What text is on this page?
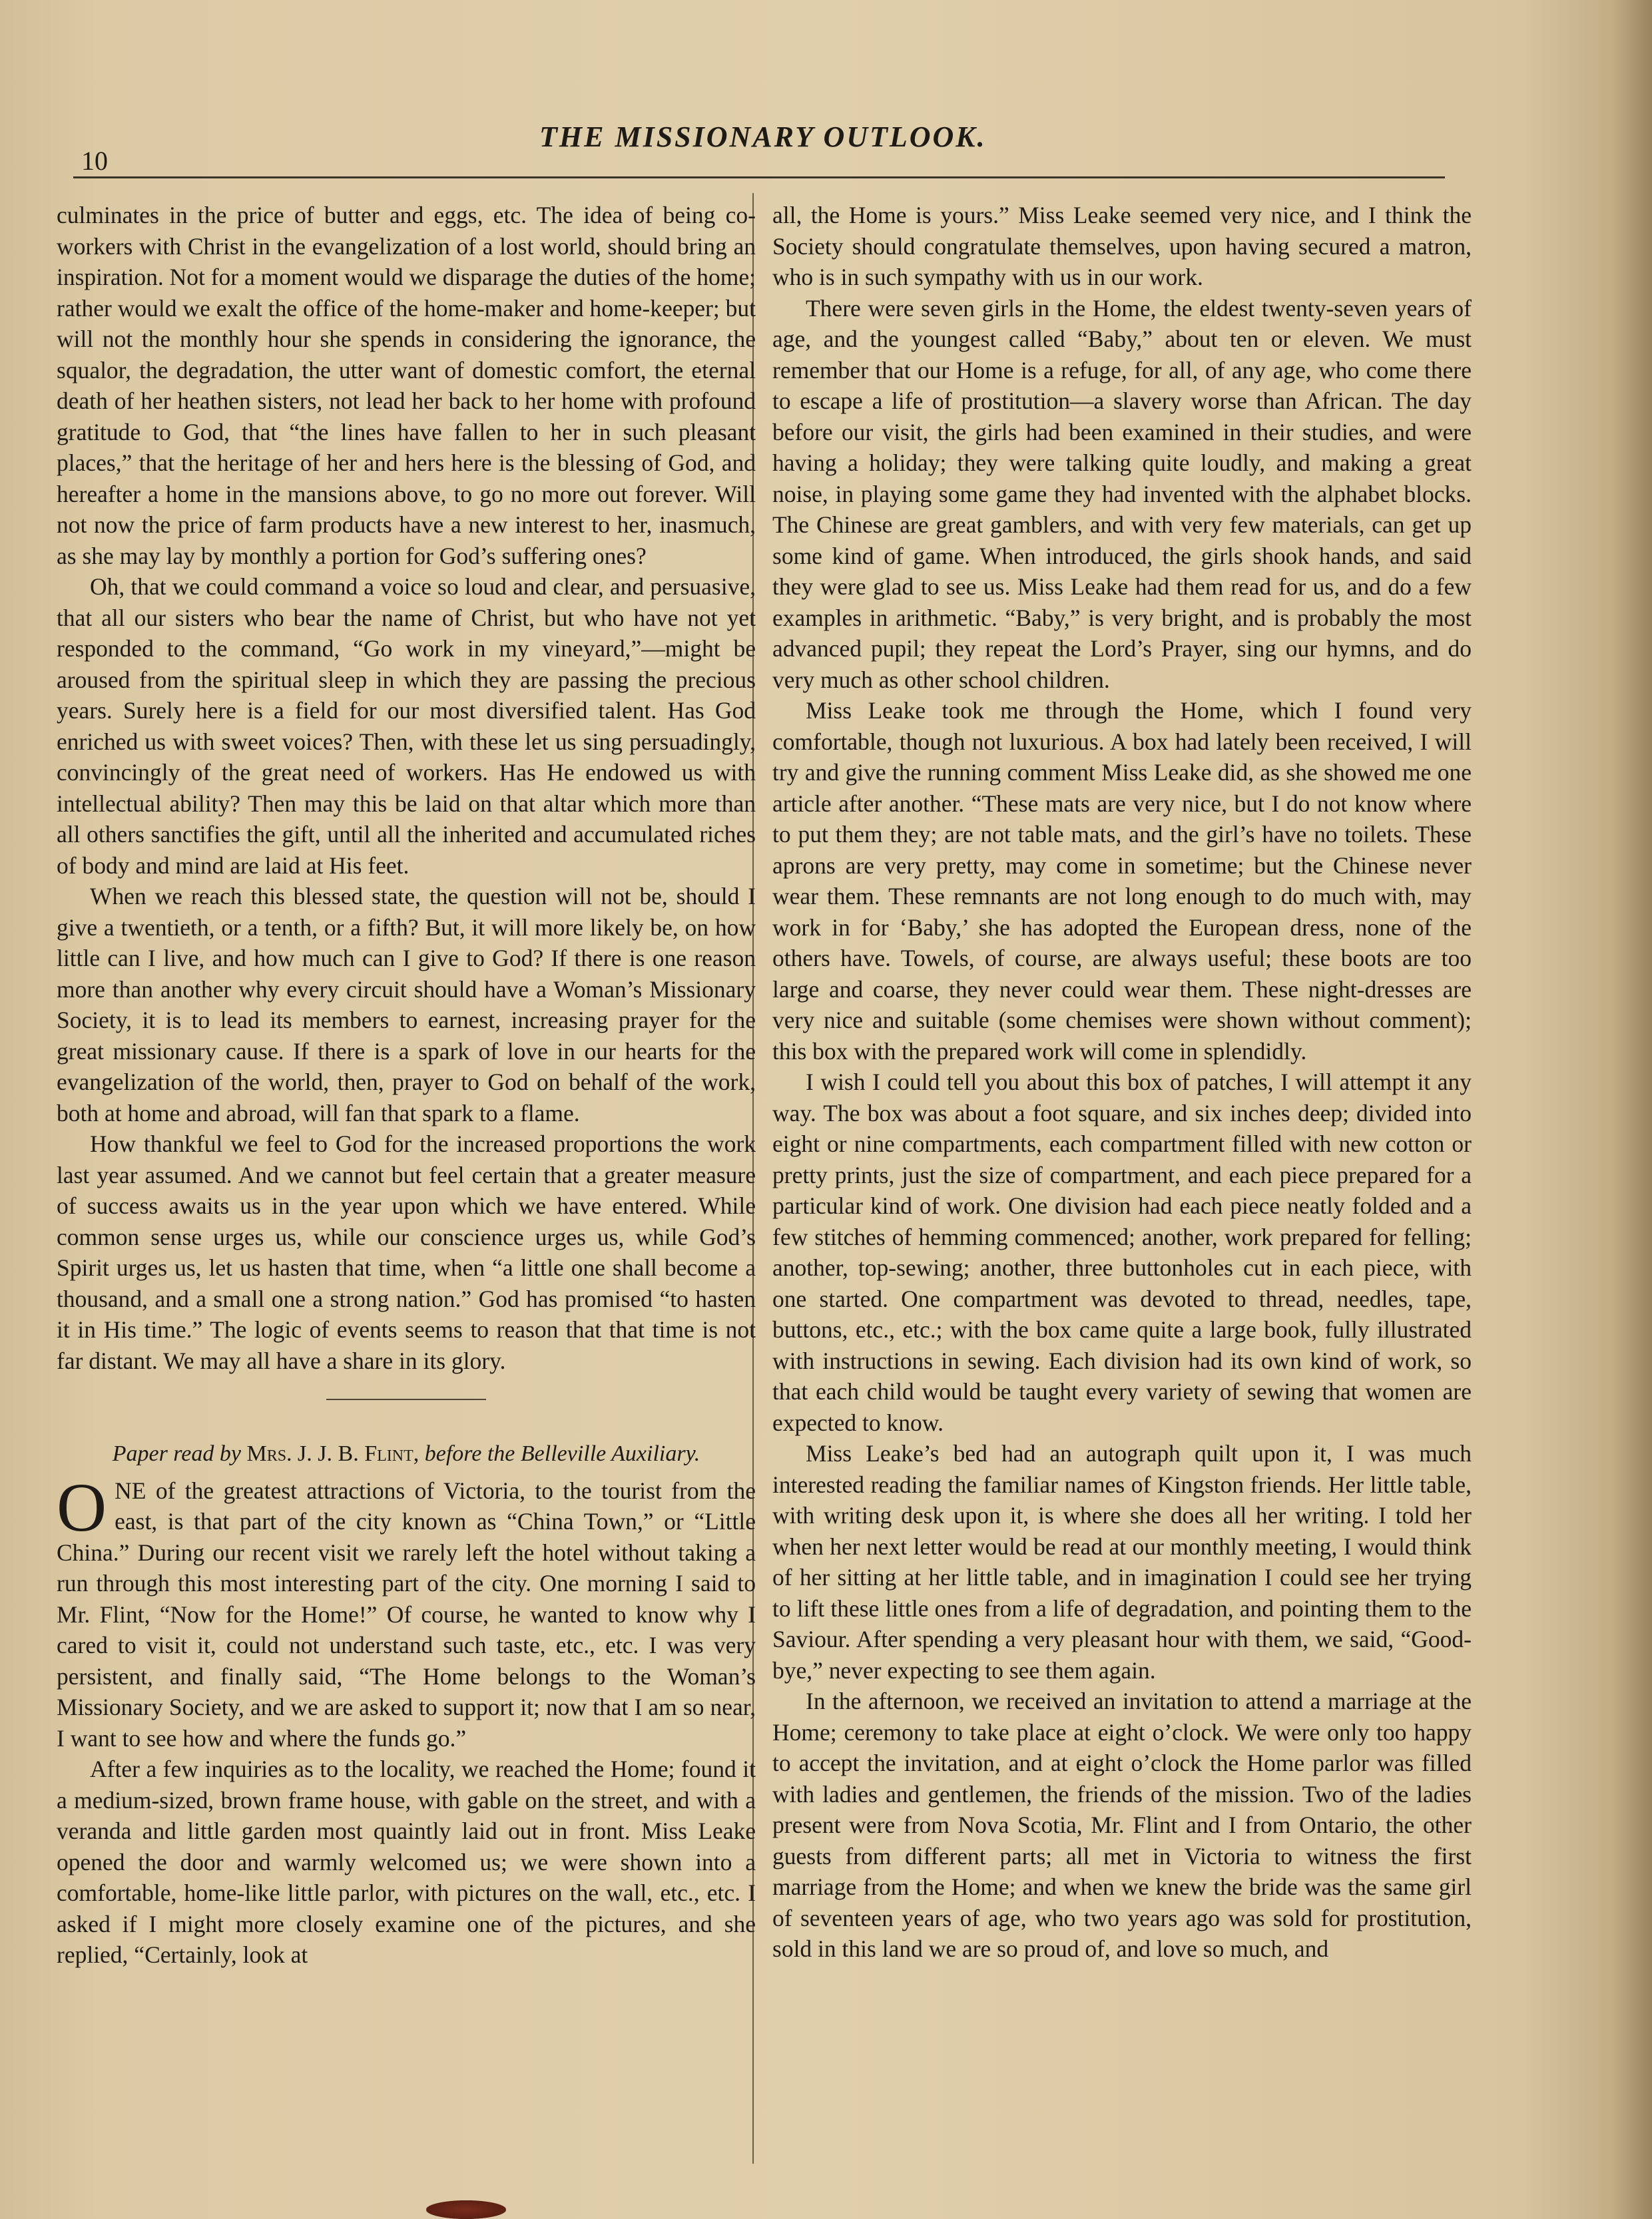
10
THE MISSIONARY OUTLOOK.

culminates in the price of butter and eggs, etc. The idea of being co-workers with Christ in the evangelization of a lost world, should bring an inspiration. Not for a moment would we disparage the duties of the home; rather would we exalt the office of the home-maker and home-keeper; but will not the monthly hour she spends in considering the ignorance, the squalor, the degradation, the utter want of domestic comfort, the eternal death of her heathen sisters, not lead her back to her home with profound gratitude to God, that “the lines have fallen to her in such pleasant places,” that the heritage of her and hers here is the blessing of God, and hereafter a home in the mansions above, to go no more out forever. Will not now the price of farm products have a new interest to her, inasmuch, as she may lay by monthly a portion for God’s suffering ones?

Oh, that we could command a voice so loud and clear, and persuasive, that all our sisters who bear the name of Christ, but who have not yet responded to the command, “Go work in my vineyard,”—might be aroused from the spiritual sleep in which they are passing the precious years. Surely here is a field for our most diversified talent. Has God enriched us with sweet voices? Then, with these let us sing persuadingly, convincingly of the great need of workers. Has He endowed us with intellectual ability? Then may this be laid on that altar which more than all others sanctifies the gift, until all the inherited and accumulated riches of body and mind are laid at His feet.

When we reach this blessed state, the question will not be, should I give a twentieth, or a tenth, or a fifth? But, it will more likely be, on how little can I live, and how much can I give to God? If there is one reason more than another why every circuit should have a Woman’s Missionary Society, it is to lead its members to earnest, increasing prayer for the great missionary cause. If there is a spark of love in our hearts for the evangelization of the world, then, prayer to God on behalf of the work, both at home and abroad, will fan that spark to a flame.

How thankful we feel to God for the increased proportions the work last year assumed. And we cannot but feel certain that a greater measure of success awaits us in the year upon which we have entered. While common sense urges us, while our conscience urges us, while God’s Spirit urges us, let us hasten that time, when “a little one shall become a thousand, and a small one a strong nation.” God has promised “to hasten it in His time.” The logic of events seems to reason that that time is not far distant. We may all have a share in its glory.

Paper read by Mrs. J. J. B. Flint, before the Belleville Auxiliary.

ONE of the greatest attractions of Victoria, to the tourist from the east, is that part of the city known as “China Town,” or “Little China.” During our recent visit we rarely left the hotel without taking a run through this most interesting part of the city. One morning I said to Mr. Flint, “Now for the Home!” Of course, he wanted to know why I cared to visit it, could not understand such taste, etc., etc. I was very persistent, and finally said, “The Home belongs to the Woman’s Missionary Society, and we are asked to support it; now that I am so near, I want to see how and where the funds go.”

After a few inquiries as to the locality, we reached the Home; found it a medium-sized, brown frame house, with gable on the street, and with a veranda and little garden most quaintly laid out in front. Miss Leake opened the door and warmly welcomed us; we were shown into a comfortable, home-like little parlor, with pictures on the wall, etc., etc. I asked if I might more closely examine one of the pictures, and she replied, “Certainly, look at

all, the Home is yours.” Miss Leake seemed very nice, and I think the Society should congratulate themselves, upon having secured a matron, who is in such sympathy with us in our work.

There were seven girls in the Home, the eldest twenty-seven years of age, and the youngest called “Baby,” about ten or eleven. We must remember that our Home is a refuge, for all, of any age, who come there to escape a life of prostitution—a slavery worse than African. The day before our visit, the girls had been examined in their studies, and were having a holiday; they were talking quite loudly, and making a great noise, in playing some game they had invented with the alphabet blocks. The Chinese are great gamblers, and with very few materials, can get up some kind of game. When introduced, the girls shook hands, and said they were glad to see us. Miss Leake had them read for us, and do a few examples in arithmetic. “Baby,” is very bright, and is probably the most advanced pupil; they repeat the Lord’s Prayer, sing our hymns, and do very much as other school children.

Miss Leake took me through the Home, which I found very comfortable, though not luxurious. A box had lately been received, I will try and give the running comment Miss Leake did, as she showed me one article after another. “These mats are very nice, but I do not know where to put them they; are not table mats, and the girl’s have no toilets. These aprons are very pretty, may come in sometime; but the Chinese never wear them. These remnants are not long enough to do much with, may work in for ‘Baby,’ she has adopted the European dress, none of the others have. Towels, of course, are always useful; these boots are too large and coarse, they never could wear them. These night-dresses are very nice and suitable (some chemises were shown without comment); this box with the prepared work will come in splendidly.

I wish I could tell you about this box of patches, I will attempt it any way. The box was about a foot square, and six inches deep; divided into eight or nine compartments, each compartment filled with new cotton or pretty prints, just the size of compartment, and each piece prepared for a particular kind of work. One division had each piece neatly folded and a few stitches of hemming commenced; another, work prepared for felling; another, top-sewing; another, three buttonholes cut in each piece, with one started. One compartment was devoted to thread, needles, tape, buttons, etc., etc.; with the box came quite a large book, fully illustrated with instructions in sewing. Each division had its own kind of work, so that each child would be taught every variety of sewing that women are expected to know.

Miss Leake’s bed had an autograph quilt upon it, I was much interested reading the familiar names of Kingston friends. Her little table, with writing desk upon it, is where she does all her writing. I told her when her next letter would be read at our monthly meeting, I would think of her sitting at her little table, and in imagination I could see her trying to lift these little ones from a life of degradation, and pointing them to the Saviour. After spending a very pleasant hour with them, we said, “Good-bye,” never expecting to see them again.

In the afternoon, we received an invitation to attend a marriage at the Home; ceremony to take place at eight o’clock. We were only too happy to accept the invitation, and at eight o’clock the Home parlor was filled with ladies and gentlemen, the friends of the mission. Two of the ladies present were from Nova Scotia, Mr. Flint and I from Ontario, the other guests from different parts; all met in Victoria to witness the first marriage from the Home; and when we knew the bride was the same girl of seventeen years of age, who two years ago was sold for prostitution, sold in this land we are so proud of, and love so much, and
